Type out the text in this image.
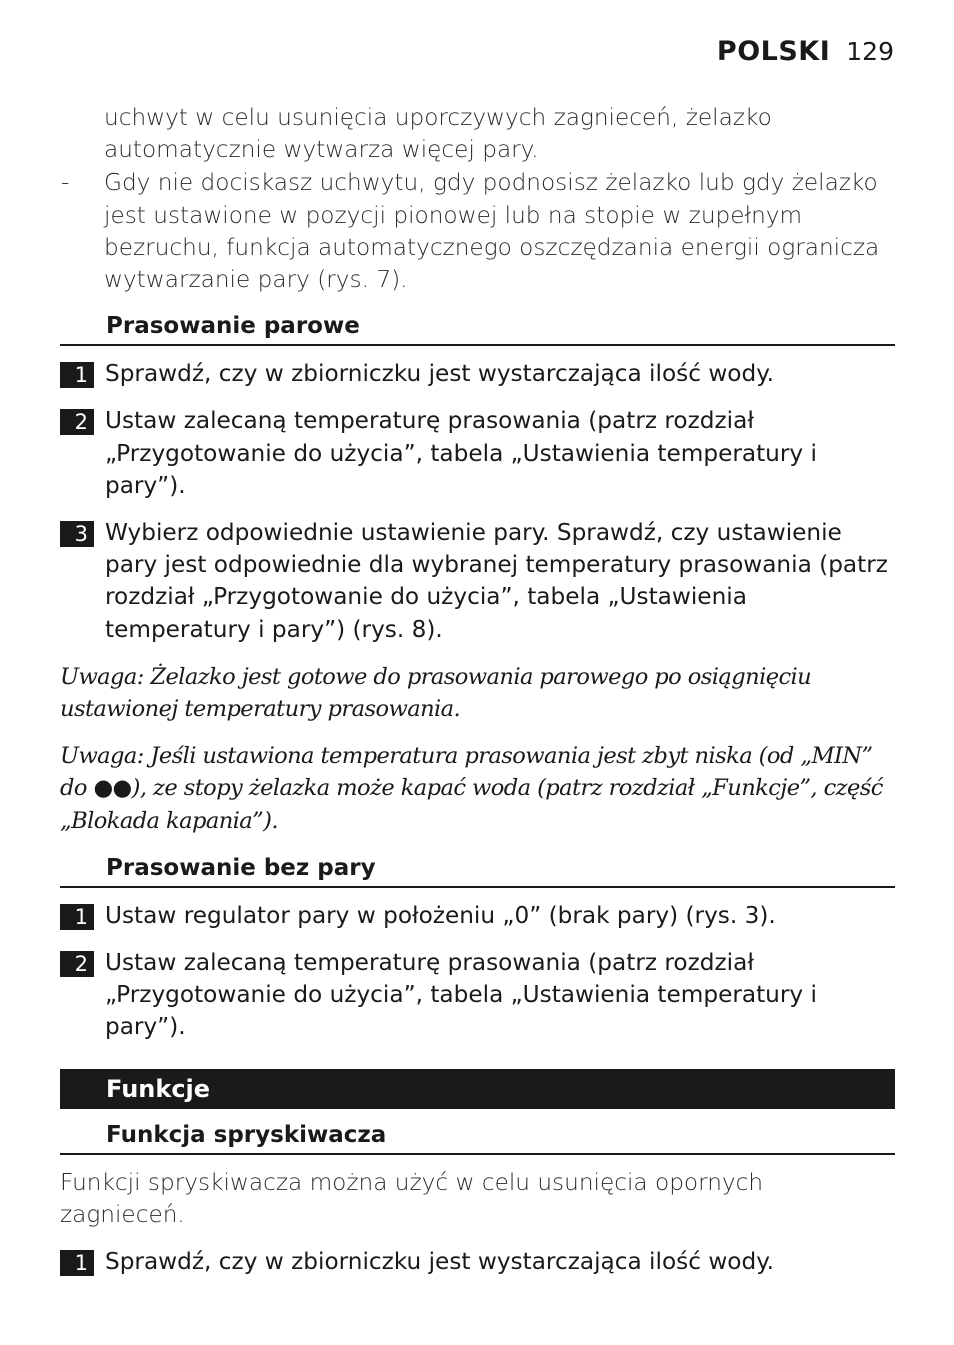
POLSKI 129

uchwyt w celu usunięcia uporczywych zagnieceń, żelazko automatycznie wytwarza więcej pary.

-	Gdy nie dociskasz uchwytu, gdy podnosisz żelazko lub gdy żelazko jest ustawione w pozycji pionowej lub na stopie w zupełnym bezruchu, funkcja automatycznego oszczędzania energii ogranicza wytwarzanie pary (rys. 7).
Prasowanie parowe
1 Sprawdź, czy w zbiorniczku jest wystarczająca ilość wody.
2 Ustaw zalecaną temperaturę prasowania (patrz rozdział „Przygotowanie do użycia”, tabela „Ustawienia temperatury i pary”).
3 Wybierz odpowiednie ustawienie pary. Sprawdź, czy ustawienie pary jest odpowiednie dla wybranej temperatury prasowania (patrz rozdział „Przygotowanie do użycia”, tabela „Ustawienia temperatury i pary”) (rys. 8).

Uwaga: Żelazko jest gotowe do prasowania parowego po osiągnięciu ustawionej temperatury prasowania.

Uwaga: Jeśli ustawiona temperatura prasowania jest zbyt niska (od „MIN” do ●●), ze stopy żelazka może kapać woda (patrz rozdział „Funkcje”, część „Blokada kapania”).

Prasowanie bez pary
1 Ustaw regulator pary w położeniu „0” (brak pary) (rys. 3).
2 Ustaw zalecaną temperaturę prasowania (patrz rozdział „Przygotowanie do użycia”, tabela „Ustawienia temperatury i pary”).
Funkcje
Funkcja spryskiwacza

Funkcji spryskiwacza można użyć w celu usunięcia opornych zagnieceń.

1 Sprawdź, czy w zbiorniczku jest wystarczająca ilość wody.
